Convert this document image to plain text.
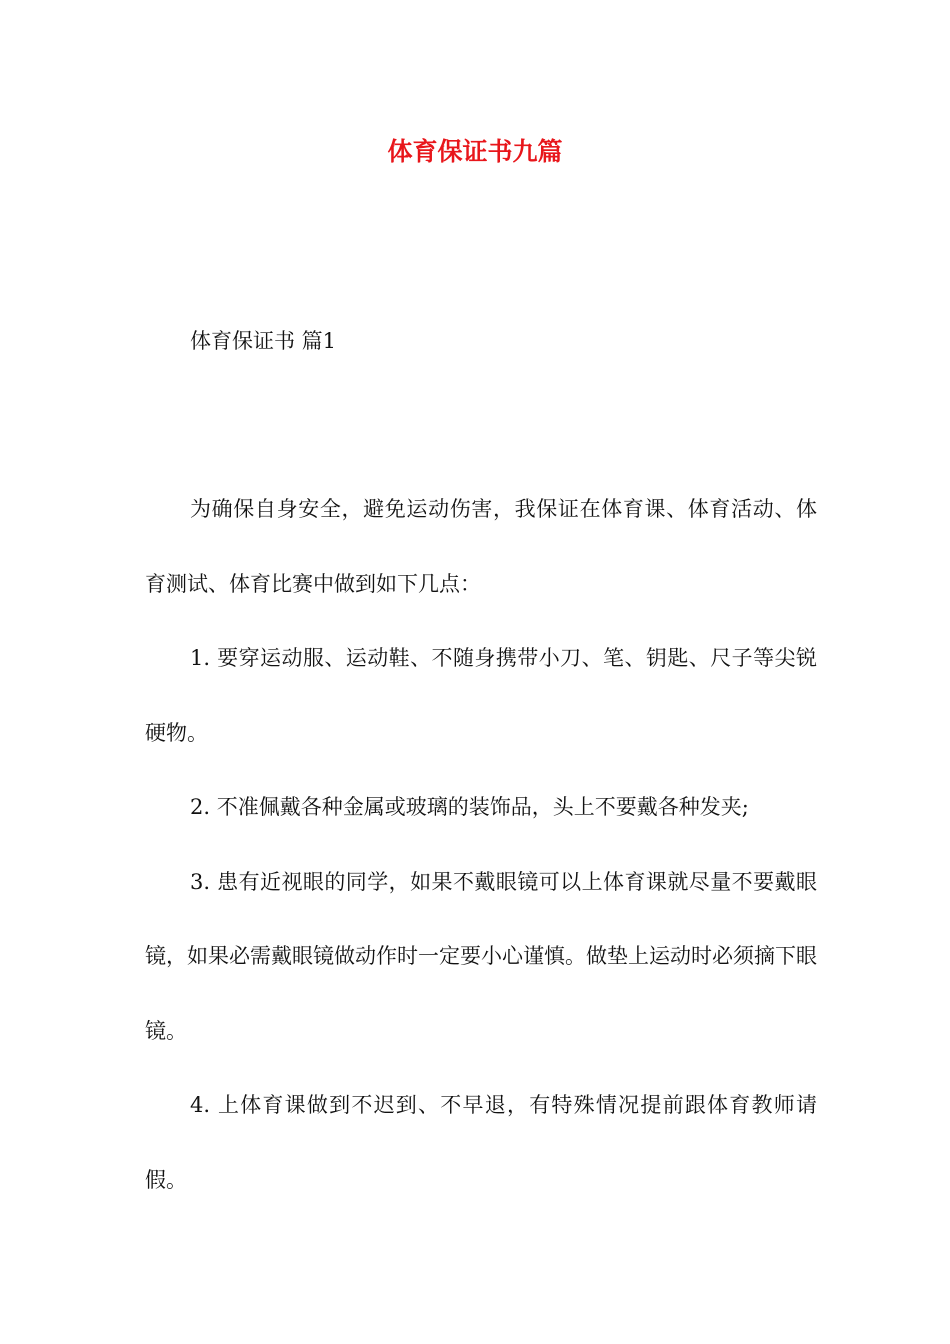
体育保证书九篇
体育保证书 篇1

为确保自身安全，避免运动伤害，我保证在体育课、体育活动、体育测试、体育比赛中做到如下几点：

1. 要穿运动服、运动鞋、不随身携带小刀、笔、钥匙、尺子等尖锐硬物。

2. 不准佩戴各种金属或玻璃的装饰品，头上不要戴各种发夹;

3. 患有近视眼的同学，如果不戴眼镜可以上体育课就尽量不要戴眼镜，如果必需戴眼镜做动作时一定要小心谨慎。做垫上运动时必须摘下眼镜。

4. 上体育课做到不迟到、不早退，有特殊情况提前跟体育教师请假。
